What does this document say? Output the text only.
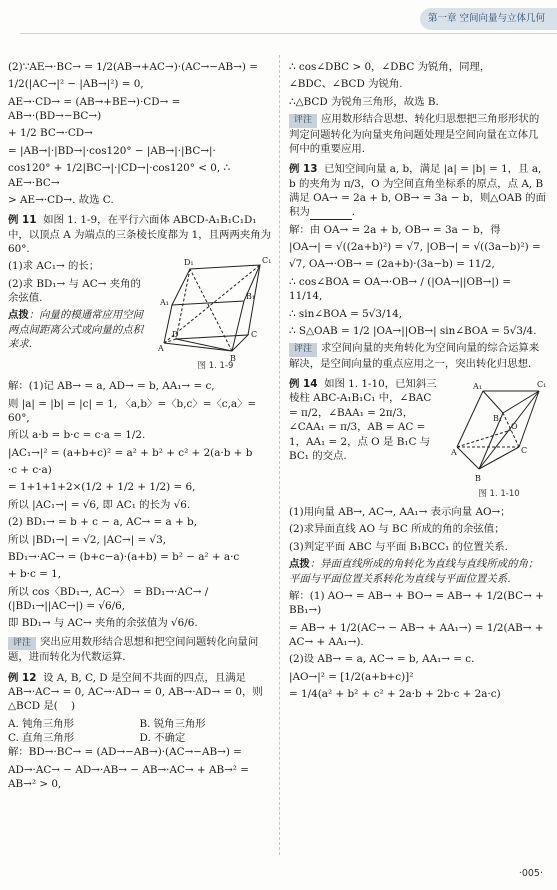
第一章 空间向量与立体几何

(2)∵AE→·BC→ = 1/2(AB→+AC→)·(AC→−AB→) =

1/2(|AC→|² − |AB→|²) = 0,

AE→·CD→ = (AB→+BE→)·CD→ = AB→·(BD→−BC→)

+ 1/2 BC→·CD→

= |AB→|·|BD→|·cos120° − |AB→|·|BC→|·

cos120° + 1/2|BC→|·|CD→|·cos120° < 0, ∴ AE→·BC→

> AE→·CD→. 故选 C.

例 11  如图 1. 1-9，在平行六面体 ABCD-A₁B₁C₁D₁ 中，以顶点 A 为端点的三条棱长度都为 1，且两两夹角为 60°.

(1)求 AC₁→ 的长；

(2)求 BD₁→ 与 AC→ 夹角的余弦值.

点拨：向量的模通常应用空间两点间距离公式或向量的点积来求.

D₁	C₁
A₁
B₁
D	C
A
B
图 1. 1-9

解：(1)记 AB→ = a, AD→ = b, AA₁→ = c,

则 |a| = |b| = |c| = 1, 〈a,b〉=〈b,c〉=〈c,a〉= 60°,

所以 a·b = b·c = c·a = 1/2.

|AC₁→|² = (a+b+c)² = a² + b² + c² + 2(a·b + b

·c + c·a)

= 1+1+1+2×(1/2 + 1/2 + 1/2) = 6,

所以 |AC₁→| = √6, 即 AC₁ 的长为 √6.

(2) BD₁→ = b + c − a, AC→ = a + b,

所以 |BD₁→| = √2, |AC→| = √3,

BD₁→·AC→ = (b+c−a)·(a+b) = b² − a² + a·c

+ b·c = 1,

所以 cos〈BD₁→, AC→〉 = BD₁→·AC→ / (|BD₁→||AC→|) = √6/6,

即 BD₁→ 与 AC→ 夹角的余弦值为 √6/6.

评注 突出应用数形结合思想和把空间问题转化向量问题，进而转化为代数运算.

例 12  设 A, B, C, D 是空间不共面的四点，且满足 AB→·AC→ = 0, AC→·AD→ = 0, AB→·AD→ = 0，则△BCD 是(    )

A. 钝角三角形	B. 锐角三角形
C. 直角三角形	D. 不确定

解：BD→·BC→ = (AD→−AB→)·(AC→−AB→) =

AD→·AC→ − AD→·AB→ − AB→·AC→ + AB→² = AB→² > 0,

∴ cos∠DBC > 0，∠DBC 为锐角，同理，

∠BDC、∠BCD 为锐角.

∴△BCD 为锐角三角形，故选 B.

评注 应用数形结合思想、转化归思想把三角形形状的判定问题转化为向量夹角问题处理是空间向量在立体几何中的重要应用.

例 13  已知空间向量 a, b，满足 |a| = |b| = 1，且 a, b 的夹角为 π/3，O 为空间直角坐标系的原点，点 A, B 满足 OA→ = 2a + b, OB→ = 3a − b，则△OAB 的面积为	.

解：由 OA→ = 2a + b, OB→ = 3a − b，得

|OA→| = √((2a+b)²) = √7, |OB→| = √((3a−b)²) =

√7, OA→·OB→ = (2a+b)·(3a−b) = 11/2,

∴ cos∠BOA = OA→·OB→ / (|OA→||OB→|) = 11/14,

∴ sin∠BOA = 5√3/14,

∴ S△OAB = 1/2 |OA→||OB→| sin∠BOA = 5√3/4.

评注 求空间向量的夹角转化为空间向量的综合运算来解决，是空间向量的重点应用之一，突出转化归思想.

例 14  如图 1. 1-10，已知斜三棱柱 ABC-A₁B₁C₁ 中，∠BAC = π/2，∠BAA₁ = 2π/3，∠CAA₁ = π/3，AB = AC = 1，AA₁ = 2，点 O 是 B₁C 与 BC₁ 的交点.

A₁	C₁
B₁
O
A	C
B
图 1. 1-10

(1)用向量 AB→, AC→, AA₁→ 表示向量 AO→；

(2)求异面直线 AO 与 BC 所成的角的余弦值；

(3)判定平面 ABC 与平面 B₁BCC₁ 的位置关系.

点拨：异面直线所成的角转化为直线与直线所成的角；平面与平面位置关系转化为直线与平面位置关系.

解：(1) AO→ = AB→ + BO→ = AB→ + 1/2(BC→ + BB₁→)

= AB→ + 1/2(AC→ − AB→ + AA₁→) = 1/2(AB→ + AC→ + AA₁→).

(2)设 AB→ = a, AC→ = b, AA₁→ = c.

|AO→|² = [1/2(a+b+c)]²

= 1/4(a² + b² + c² + 2a·b + 2b·c + 2a·c)

·005·
